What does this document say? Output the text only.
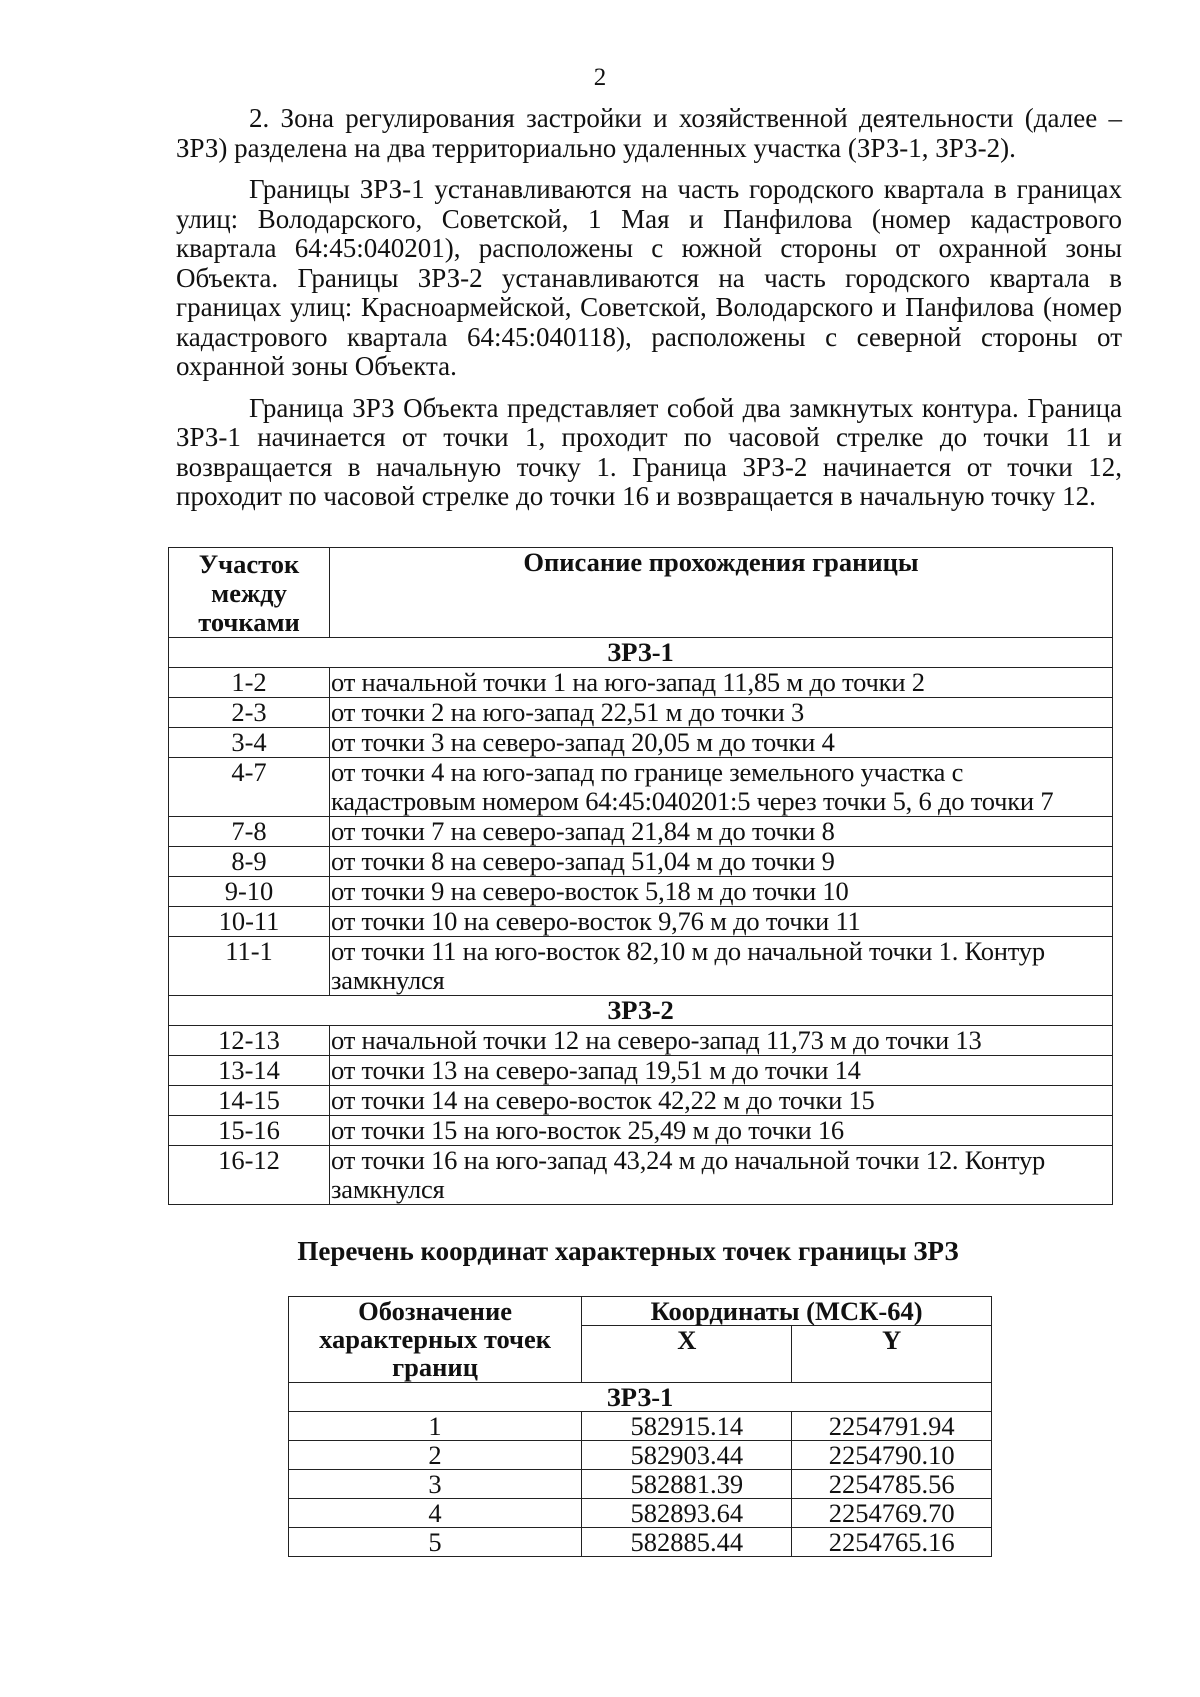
2

2. Зона регулирования застройки и хозяйственной деятельности (далее – ЗРЗ) разделена на два территориально удаленных участка (ЗРЗ-1, ЗРЗ-2).

Границы ЗРЗ-1 устанавливаются на часть городского квартала в границах улиц: Володарского, Советской, 1 Мая и Панфилова (номер кадастрового квартала 64:45:040201), расположены с южной стороны от охранной зоны Объекта. Границы ЗРЗ-2 устанавливаются на часть городского квартала в границах улиц: Красноармейской, Советской, Володарского и Панфилова (номер кадастрового квартала 64:45:040118), расположены с северной стороны от охранной зоны Объекта.

Граница ЗРЗ Объекта представляет собой два замкнутых контура. Граница ЗРЗ-1 начинается от точки 1, проходит по часовой стрелке до точки 11 и возвращается в начальную точку 1. Граница ЗРЗ-2 начинается от точки 12, проходит по часовой стрелке до точки 16 и возвращается в начальную точку 12.

Участок между точками	Описание прохождения границы
ЗРЗ-1	
1-2	от начальной точки 1 на юго-запад 11,85 м до точки 2
2-3	от точки 2 на юго-запад 22,51 м до точки 3
3-4	от точки 3 на северо-запад 20,05 м до точки 4
4-7	от точки 4 на юго-запад по границе земельного участка с кадастровым номером 64:45:040201:5 через точки 5, 6 до точки 7
7-8	от точки 7 на северо-запад 21,84 м до точки 8
8-9	от точки 8 на северо-запад 51,04 м до точки 9
9-10	от точки 9 на северо-восток 5,18 м до точки 10
10-11	от точки 10 на северо-восток 9,76 м до точки 11
11-1	от точки 11 на юго-восток 82,10 м до начальной точки 1. Контур замкнулся
ЗРЗ-2	
12-13	от начальной точки 12 на северо-запад 11,73 м до точки 13
13-14	от точки 13 на северо-запад 19,51 м до точки 14
14-15	от точки 14 на северо-восток 42,22 м до точки 15
15-16	от точки 15 на юго-восток 25,49 м до точки 16
16-12	от точки 16 на юго-запад 43,24 м до начальной точки 12. Контур замкнулся
Перечень координат характерных точек границы ЗРЗ
Обозначение характерных точек границ	Координаты (МСК-64)	
	X	Y
ЗРЗ-1		
1	582915.14	2254791.94
2	582903.44	2254790.10
3	582881.39	2254785.56
4	582893.64	2254769.70
5	582885.44	2254765.16
